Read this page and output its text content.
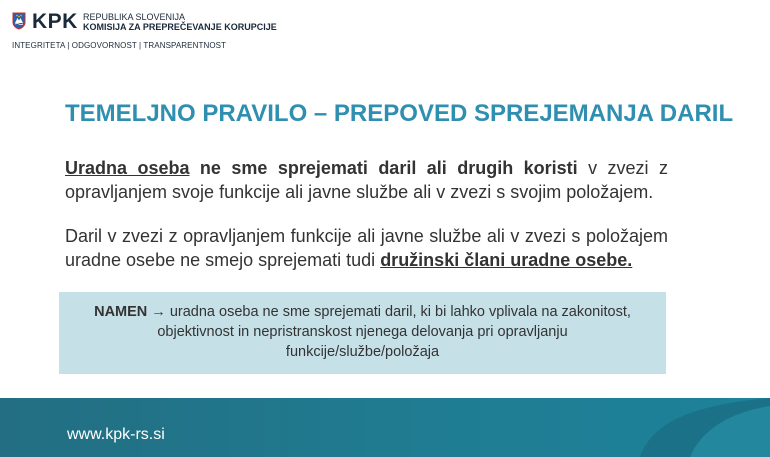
KPK REPUBLIKA SLOVENIJA
KOMISIJA ZA PREPREČEVANJE KORUPCIJE
INTEGRITETA | ODGOVORNOST | TRANSPARENTNOST
TEMELJNO PRAVILO – PREPOVED SPREJEMANJA DARIL
Uradna oseba ne sme sprejemati daril ali drugih koristi v zvezi z opravljanjem svoje funkcije ali javne službe ali v zvezi s svojim položajem.
Daril v zvezi z opravljanjem funkcije ali javne službe ali v zvezi s položajem uradne osebe ne smejo sprejemati tudi družinski člani uradne osebe.
NAMEN → uradna oseba ne sme sprejemati daril, ki bi lahko vplivala na zakonitost, objektivnost in nepristranskost njenega delovanja pri opravljanju funkcije/službe/položaja
www.kpk-rs.si
